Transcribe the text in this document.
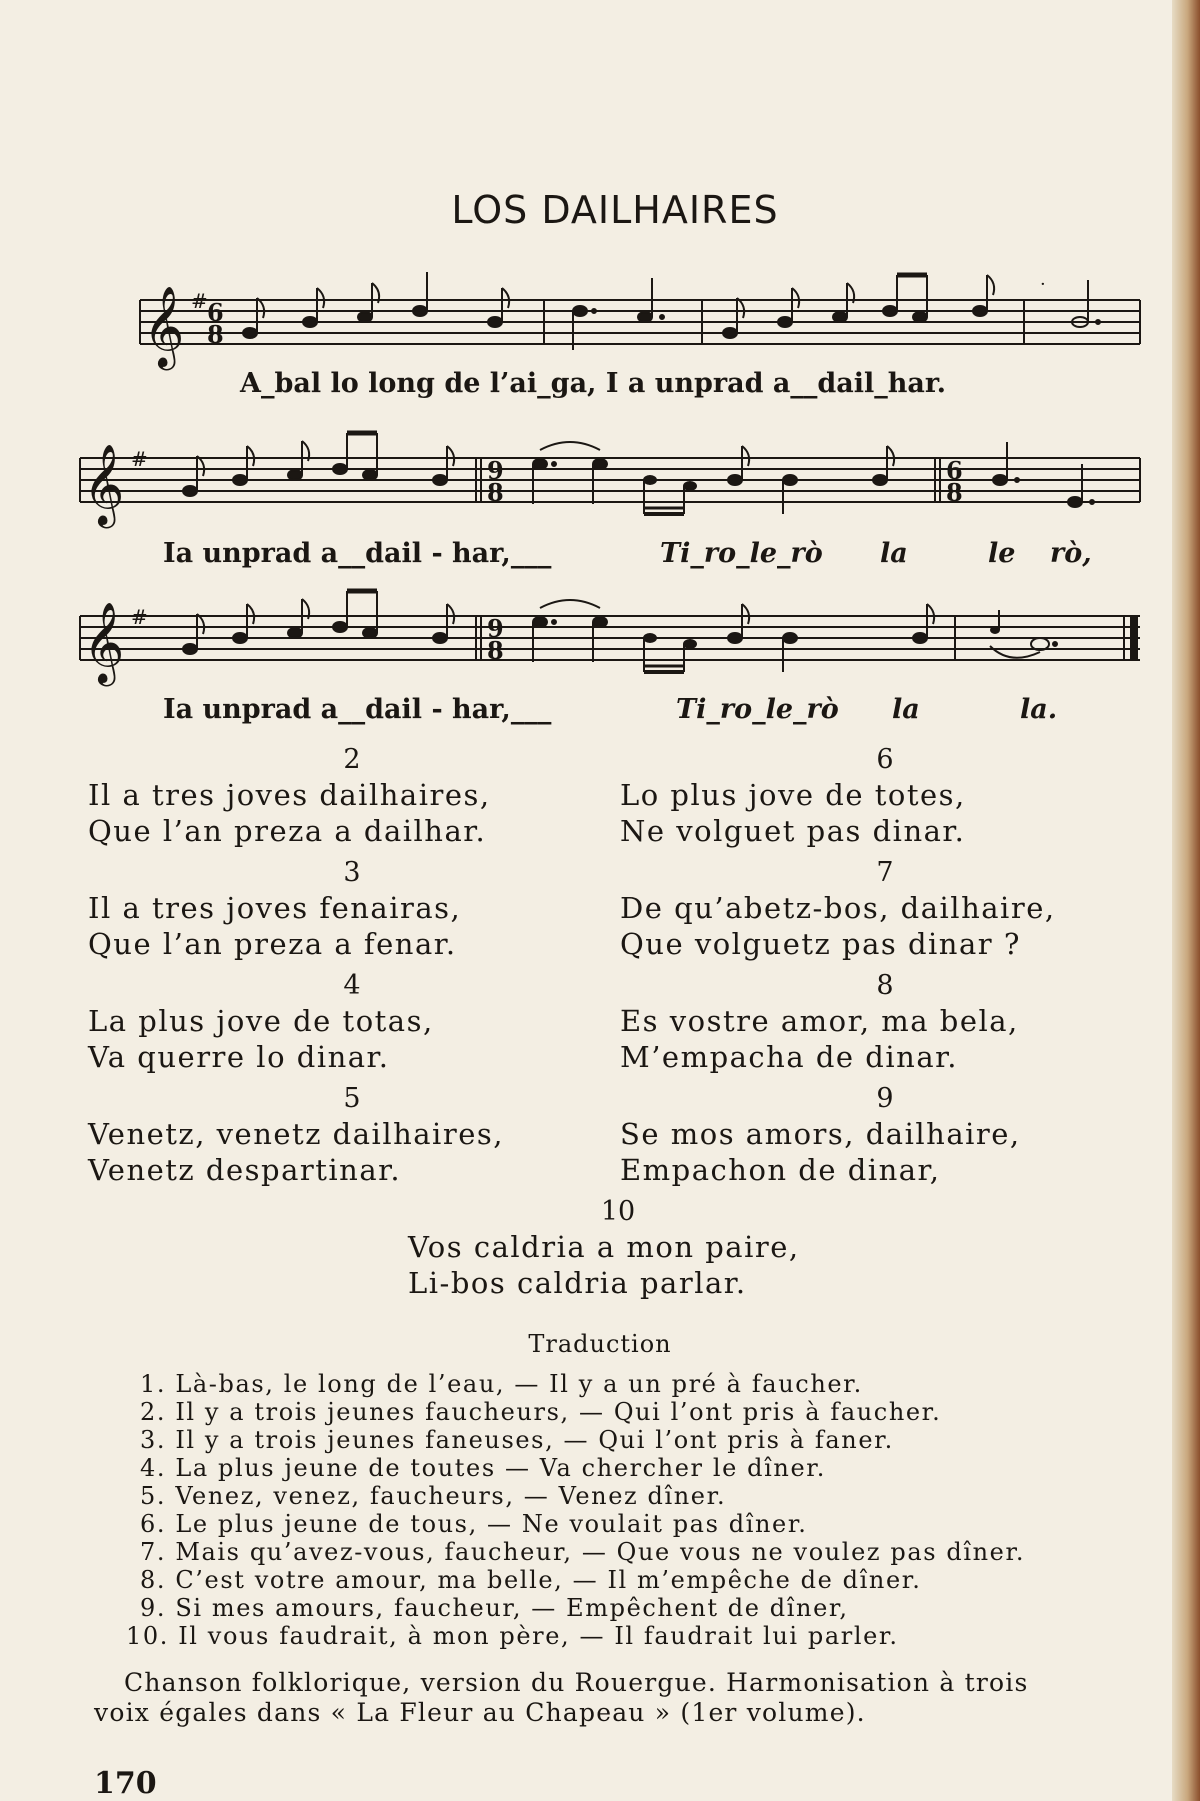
LOS DAILHAIRES
𝄞 # 6
8
·
A_bal lo long de l’ai_ga, I a unprad a__dail_har.
𝄞 #	9
8
6
8
Ia unprad a__dail - har,___	Ti_ro_le_rò la	le rò,
𝄞 #	9
8
Ia unprad a__dail - har,___	Ti_ro_le_rò la	la.
2
Il a tres joves dailhaires,
Que l’an preza a dailhar.
3
Il a tres joves fenairas,
Que l’an preza a fenar.
4
La plus jove de totas,
Va querre lo dinar.
5
Venetz, venetz dailhaires,
Venetz despartinar.
6
Lo plus jove de totes,
Ne volguet pas dinar.
7
De qu’abetz-bos, dailhaire,
Que volguetz pas dinar ?
8
Es vostre amor, ma bela,
M’empacha de dinar.
9
Se mos amors, dailhaire,
Empachon de dinar,
10
Vos caldria a mon paire,
Li-bos caldria parlar.
Traduction
1. Là-bas, le long de l’eau, — Il y a un pré à faucher.
2. Il y a trois jeunes faucheurs, — Qui l’ont pris à faucher.
3. Il y a trois jeunes faneuses, — Qui l’ont pris à faner.
4. La plus jeune de toutes — Va chercher le dîner.
5. Venez, venez, faucheurs, — Venez dîner.
6. Le plus jeune de tous, — Ne voulait pas dîner.
7. Mais qu’avez-vous, faucheur, — Que vous ne voulez pas dîner.
8. C’est votre amour, ma belle, — Il m’empêche de dîner.
9. Si mes amours, faucheur, — Empêchent de dîner,
10. Il vous faudrait, à mon père, — Il faudrait lui parler.
Chanson folklorique, version du Rouergue. Harmonisation à trois
voix égales dans « La Fleur au Chapeau » (1er volume).
170
